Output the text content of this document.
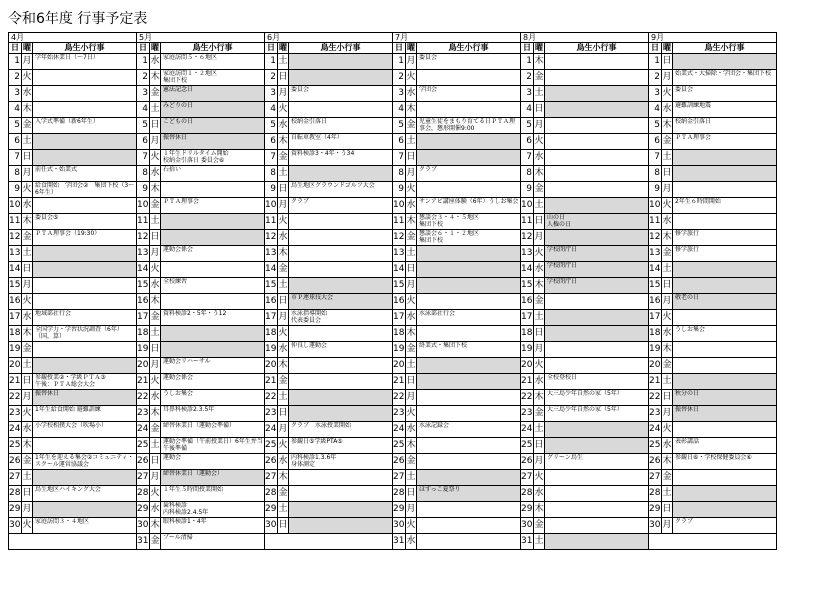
令和6年度 行事予定表
4月
日 曜	鳥生小行事
1 月 学年始休業日（～7日）
2 火
3 水
4 木
5 金 入学式準備（新6年生）
6 土
7 日
8 月 前任式・始業式
9 火 給食開始　学団会②　集団下校（3～6年生）
10 水
11 木 委員会⑤
12 金 ＰＴＡ理事会（19:30）
13 土
14 日
15 月
16 火
17 水 地域部社行会
18 木 全国学力・学習状況調査（6年）（国，算）
19 金
20 土
21 日 参観授業②・学級ＰＴＡ③
午後：ＰＴＡ総会大会
22 月 振替休日
23 火 1年生給食開始 避難訓練
24 水 小学校相撲大会（吹場小）
25 木
26 金 1年生を迎える集会②コミュニティ・スクール運営協議会
27 土
28 日 鳥生地区ハイキング大会
29 月
30 火 家庭訪問３・４地区
5月
日 曜	鳥生小行事
1 水 家庭訪問５・６地区
2 木 家庭訪問１・２地区
集団下校
3 金 憲法記念日
4 土 みどりの日
5 日 こどもの日
6 月 振替休日
7 火 １年生ドリルタイム開始
校納金引落日 委員会⑥
8 水 石拾い
9 木
10 金 ＰＴＡ理事会
11 土
12 日
13 月 運動会係会
14 火
15 水 全校練習
16 木
17 金 資料検診2・5年・う12
18 土
19 日
20 月 運動会リハーサル
21 火 運動会係会
22 水 うしお集会
23 木 耳鼻科検診2.3.5年
24 金 締替休業日（運動会準備）
25 土 運動会準備（午前授業日）6年生弁当午後準備
26 日 運動会
27 月 締替休業日（運動会）
28 火 １年生５時間授業開始
29 水 歯科検診
内科検診2.4.5年
30 木 眼科検診1・4年
31 金 プール清掃
6月
日 曜	鳥生小行事
1 土
2 日
3 月 委員会
4 火
5 水 校納金引落日
6 木 自転車教室（4年）
7 金 資料検診3・4年・う34
8 土
9 日 鳥生地区グラウンドゴルフ大会
10 月 クラブ
11 火
12 水
13 木
14 金
15 土
16 日 市Ｐ連球技大会
17 月 水泳指導開始
代表委員会
18 火
19 水 仲良し運動会
20 木
21 金
22 土
23 日
24 月 クラブ　水泳授業開始
25 火 参観日⑤学級PTA⑤
26 水 内科検診1.3.6年
身体測定
27 木
28 金
29 土
30 日
7月
日 曜	鳥生小行事
1 月 委員会
2 火
3 水 学団会
4 木
5 金 児童生徒をまもり育てる日ＰＴＡ理事会，懇形開催9:00
6 土
7 日
8 月 クラブ
9 火
10 水 サンアビ講座体験（6年）うしお集会
11 木 懇談会３・４・５地区
集団下校
12 金 懇談会６・１・２地区
集団下校
13 土
14 日
15 月
16 火
17 水 水泳部社行会
18 木
19 金 終業式・集団下校
20 土
21 日
22 月
23 火
24 水 水泳記録会
25 木
26 金
27 土
28 日 ほすっこ夏祭り
29 月
30 火
31 水
8月
日 曜	鳥生小行事
1 木
2 金
3 土
4 日
5 月
6 火
7 水
8 木
9 金
10 土
11 日 山の日
人権の日
12 月
13 火 学校閉庁日
14 水 学校閉庁日
15 木 学校閉庁日
16 金
17 土
18 日
19 月
20 火
21 水 全校登校日
22 木 大三島少年自然の家（5年）
23 金 大三島少年自然の家（5年）
24 土
25 日
26 月 グリーン鳥生
27 火
28 水
29 木
30 金
31 土
9月
日 曜	鳥生小行事
1 日
2 月 始業式・大掃除・学団会・集団下校
3 火 委員会
4 水 避難訓練地震
5 木 校納金引落日
6 金 ＰＴＡ理事会
7 土
8 日
9 月
10 火 2年生６時間開始
11 水
12 木 修学旅行
13 金 修学旅行
14 土
15 日
16 月 敬老の日
17 火
18 水 うしお集会
19 木
20 金
21 土
22 日 秋分の日
23 月 振替休日
24 火
25 水 表彰講話
26 木 参観日⑥・学校保健委員会⑥
27 金
28 土
29 日
30 月 クラブ
